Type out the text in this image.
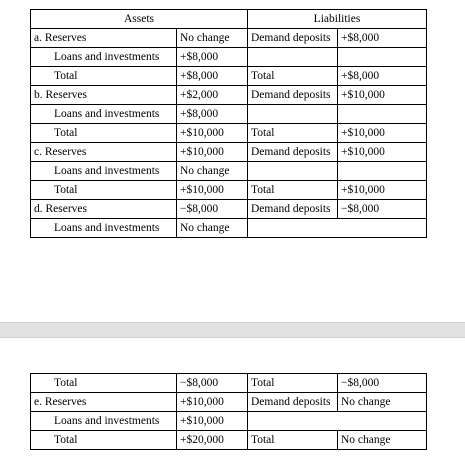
Assets		Liabilities	
a. Reserves	No change	Demand deposits	+$8,000
Loans and investments	+$8,000		
Total	+$8,000	Total	+$8,000
b. Reserves	+$2,000	Demand deposits	+$10,000
Loans and investments	+$8,000		
Total	+$10,000	Total	+$10,000
c. Reserves	+$10,000	Demand deposits	+$10,000
Loans and investments	No change		
Total	+$10,000	Total	+$10,000
d. Reserves	−$8,000	Demand deposits	−$8,000
Loans and investments	No change		
Total	−$8,000	Total	−$8,000
e. Reserves	+$10,000	Demand deposits	No change
Loans and investments	+$10,000		
Total	+$20,000	Total	No change
